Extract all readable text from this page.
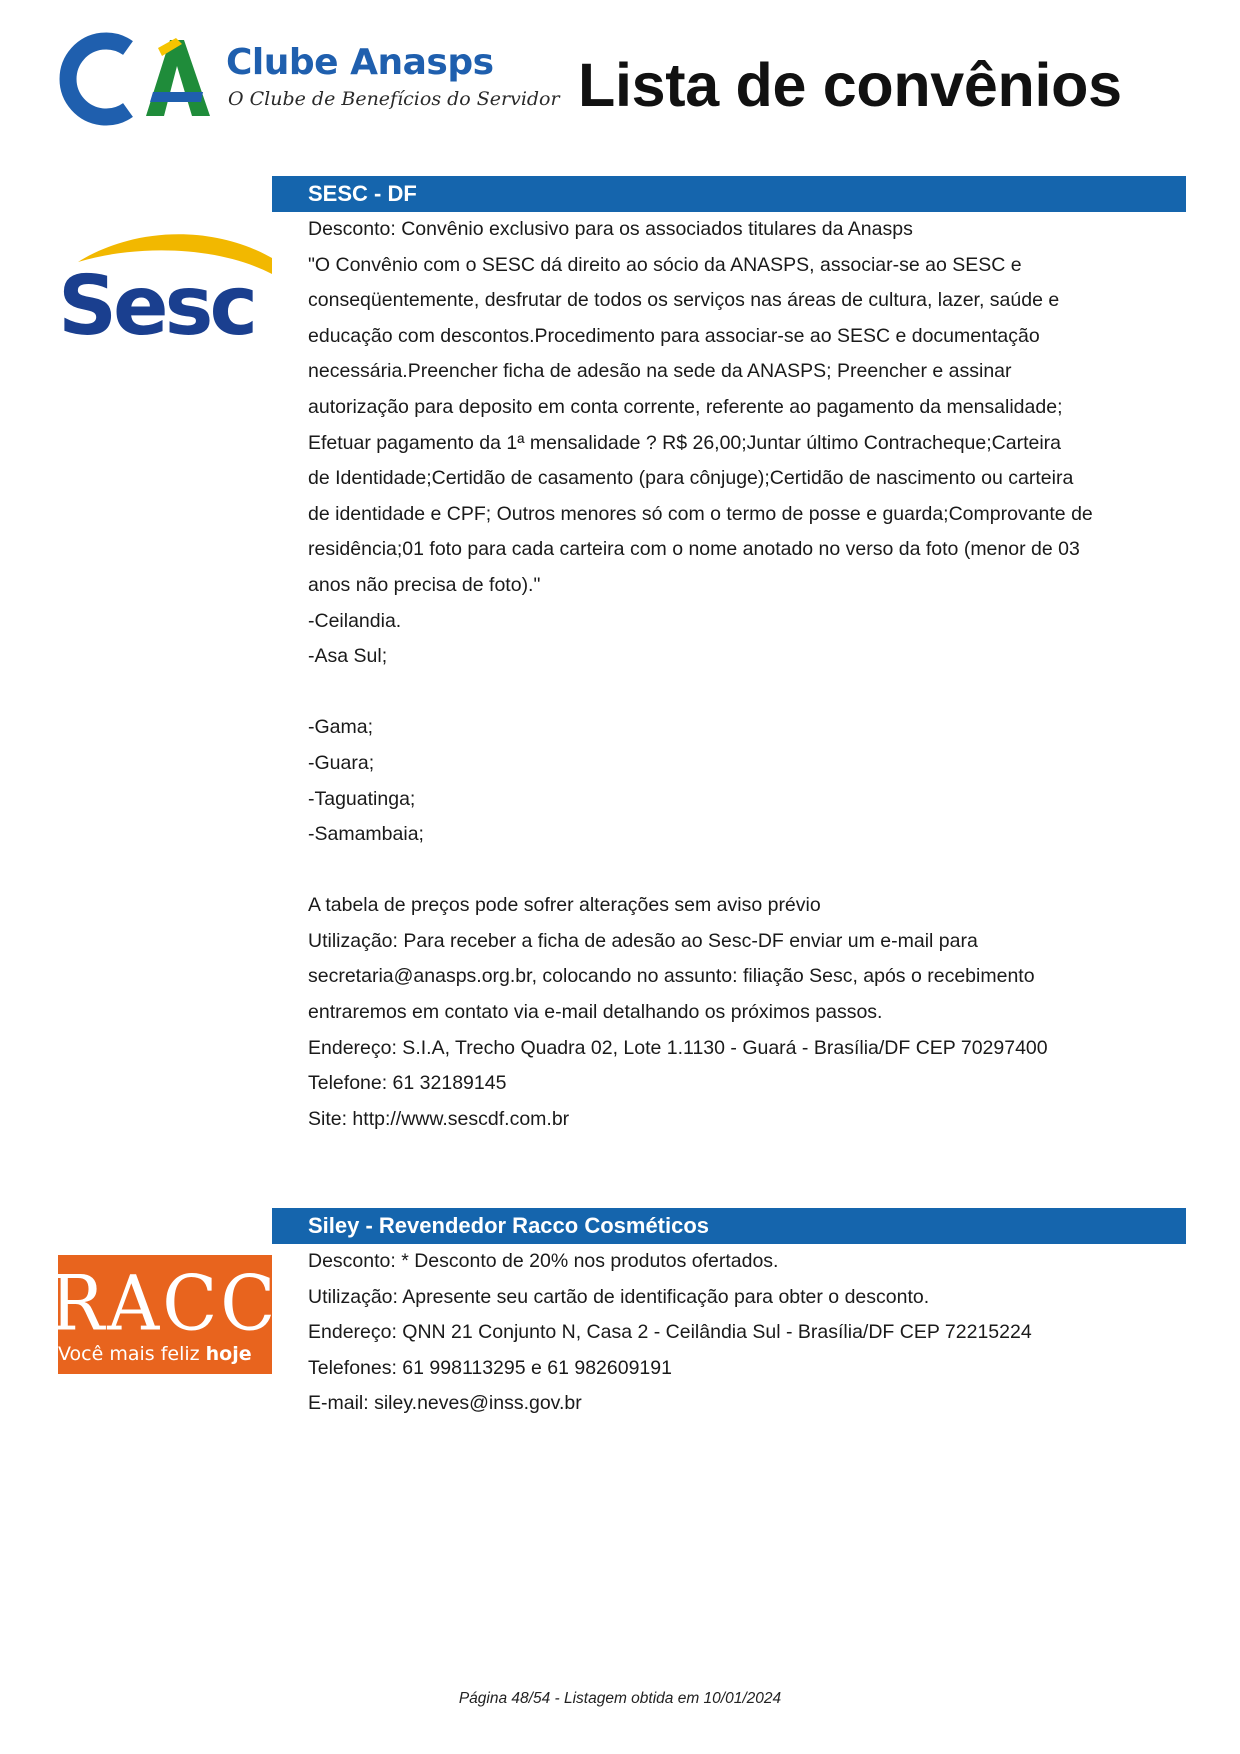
Clube Anasps
O Clube de Benefícios do Servidor Lista de convênios
SESC - DF
Sesc
Desconto: Convênio exclusivo para os associados titulares da Anasps
"O Convênio com o SESC dá direito ao sócio da ANASPS, associar-se ao SESC e
conseqüentemente, desfrutar de todos os serviços nas áreas de cultura, lazer, saúde e
educação com descontos.Procedimento para associar-se ao SESC e documentação
necessária.Preencher ficha de adesão na sede da ANASPS; Preencher e assinar
autorização para deposito em conta corrente, referente ao pagamento da mensalidade;
Efetuar pagamento da 1ª mensalidade ? R$ 26,00;Juntar último Contracheque;Carteira
de Identidade;Certidão de casamento (para cônjuge);Certidão de nascimento ou carteira
de identidade e CPF; Outros menores só com o termo de posse e guarda;Comprovante de
residência;01 foto para cada carteira com o nome anotado no verso da foto (menor de 03
anos não precisa de foto)."
-Ceilandia.
-Asa Sul;
-Gama;
-Guara;
-Taguatinga;
-Samambaia;
A tabela de preços pode sofrer alterações sem aviso prévio
Utilização: Para receber a ficha de adesão ao Sesc-DF enviar um e-mail para
secretaria@anasps.org.br, colocando no assunto: filiação Sesc, após o recebimento
entraremos em contato via e-mail detalhando os próximos passos.
Endereço: S.I.A, Trecho Quadra 02, Lote 1.1130 - Guará - Brasília/DF CEP 70297400
Telefone: 61 32189145
Site: http://www.sescdf.com.br
Siley - Revendedor Racco Cosméticos
RACCO
Você mais feliz hoje
Desconto: * Desconto de 20% nos produtos ofertados.
Utilização: Apresente seu cartão de identificação para obter o desconto.
Endereço: QNN 21 Conjunto N, Casa 2 - Ceilândia Sul - Brasília/DF CEP 72215224
Telefones: 61 998113295 e 61 982609191
E-mail: siley.neves@inss.gov.br
Página 48/54 - Listagem obtida em 10/01/2024
